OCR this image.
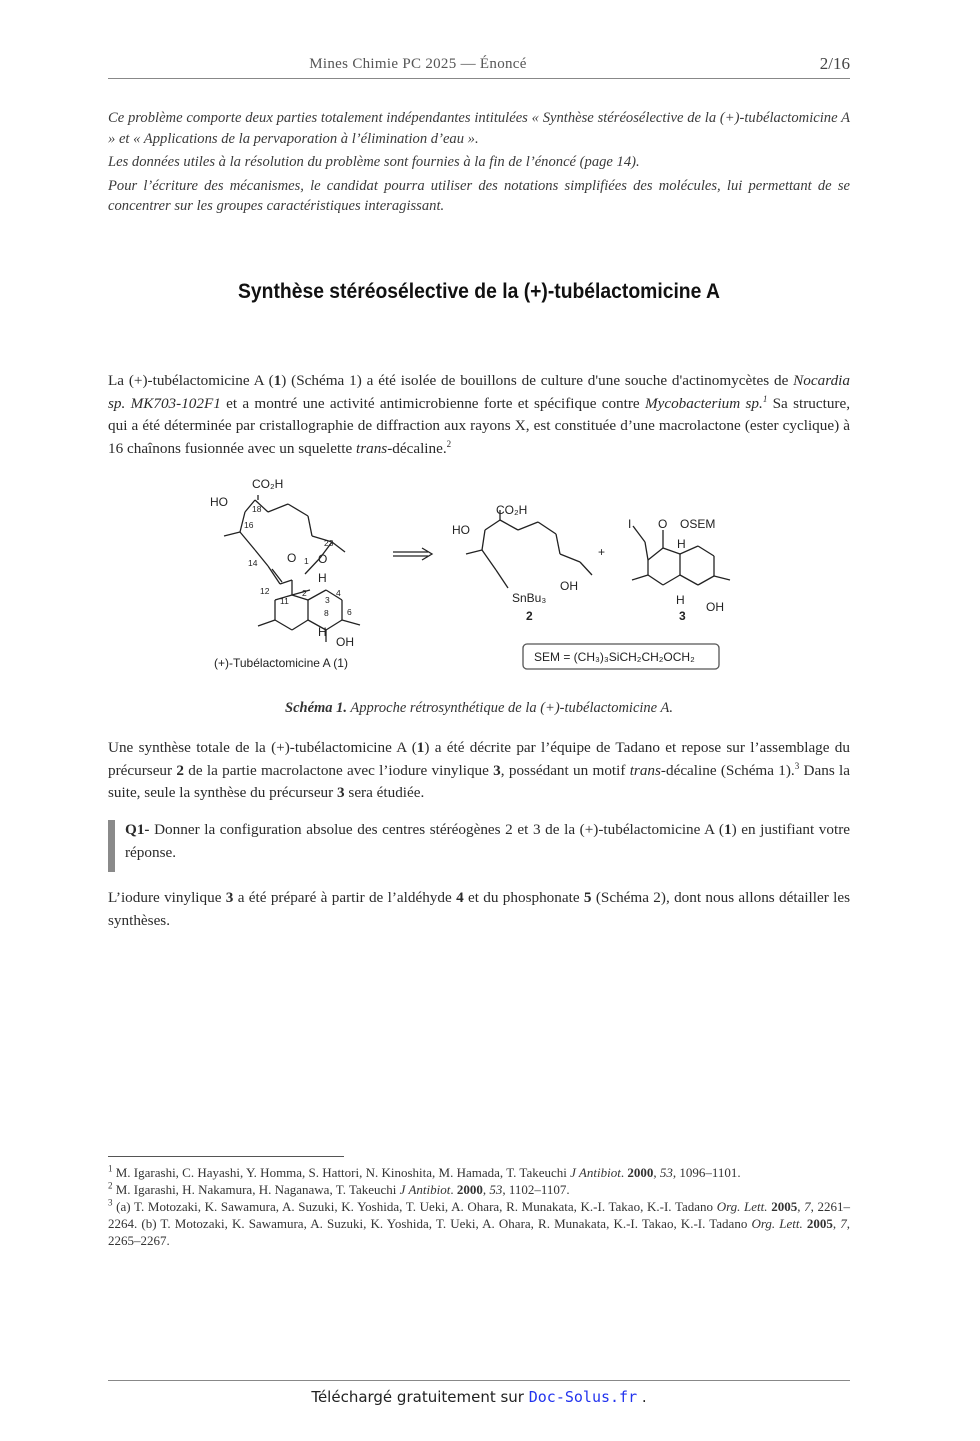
Mines Chimie PC 2025 — Énoncé	2/16

Ce problème comporte deux parties totalement indépendantes intitulées « Synthèse stéréosélective de la (+)-tubélactomicine A » et « Applications de la pervaporation à l’élimination d’eau ».

Les données utiles à la résolution du problème sont fournies à la fin de l’énoncé (page 14).

Pour l’écriture des mécanismes, le candidat pourra utiliser des notations simplifiées des molécules, lui permettant de se concentrer sur les groupes caractéristiques interagissant.

Synthèse stéréosélective de la (+)-tubélactomicine A

La (+)-tubélactomicine A (1) (Schéma 1) a été isolée de bouillons de culture d'une souche d'actinomycètes de Nocardia sp. MK703-102F1 et a montré une activité antimicrobienne forte et spécifique contre Mycobacterium sp.$^1$ Sa structure, qui a été déterminée par cristallographie de diffraction aux rayons X, est constituée d’une macrolactone (ester cyclique) à 16 chaînons fusionnée avec un squelette trans-décaline.$^2$

CO₂H
HO
O O
H
H
OH
(+)-Tubélactomicine A (1)
CO₂H
HO
SnBu₃
OH
2
+
I O OSEM
H
H OH
3
SEM = (CH₃)₃SiCH₂CH₂OCH₂
18
16
23
14	1
12
11
2
3
4
8 6
Schéma 1. Approche rétrosynthétique de la (+)-tubélactomicine A.

Une synthèse totale de la (+)-tubélactomicine A (1) a été décrite par l’équipe de Tadano et repose sur l’assemblage du précurseur 2 de la partie macrolactone avec l’iodure vinylique 3, possédant un motif trans-décaline (Schéma 1).$^3$ Dans la suite, seule la synthèse du précurseur 3 sera étudiée.

Q1- Donner la configuration absolue des centres stéréogènes 2 et 3 de la (+)-tubélactomicine A (1) en justifiant votre réponse.

L’iodure vinylique 3 a été préparé à partir de l’aldéhyde 4 et du phosphonate 5 (Schéma 2), dont nous allons détailler les synthèses.

$^1$ M. Igarashi, C. Hayashi, Y. Homma, S. Hattori, N. Kinoshita, M. Hamada, T. Takeuchi J Antibiot. 2000, 53, 1096–1101.

$^2$ M. Igarashi, H. Nakamura, H. Naganawa, T. Takeuchi J Antibiot. 2000, 53, 1102–1107.

$^3$ (a) T. Motozaki, K. Sawamura, A. Suzuki, K. Yoshida, T. Ueki, A. Ohara, R. Munakata, K.-I. Takao, K.-I. Tadano Org. Lett. 2005, 7, 2261–2264. (b) T. Motozaki, K. Sawamura, A. Suzuki, K. Yoshida, T. Ueki, A. Ohara, R. Munakata, K.-I. Takao, K.-I. Tadano Org. Lett. 2005, 7, 2265–2267.

Téléchargé gratuitement sur Doc-Solus.fr .
